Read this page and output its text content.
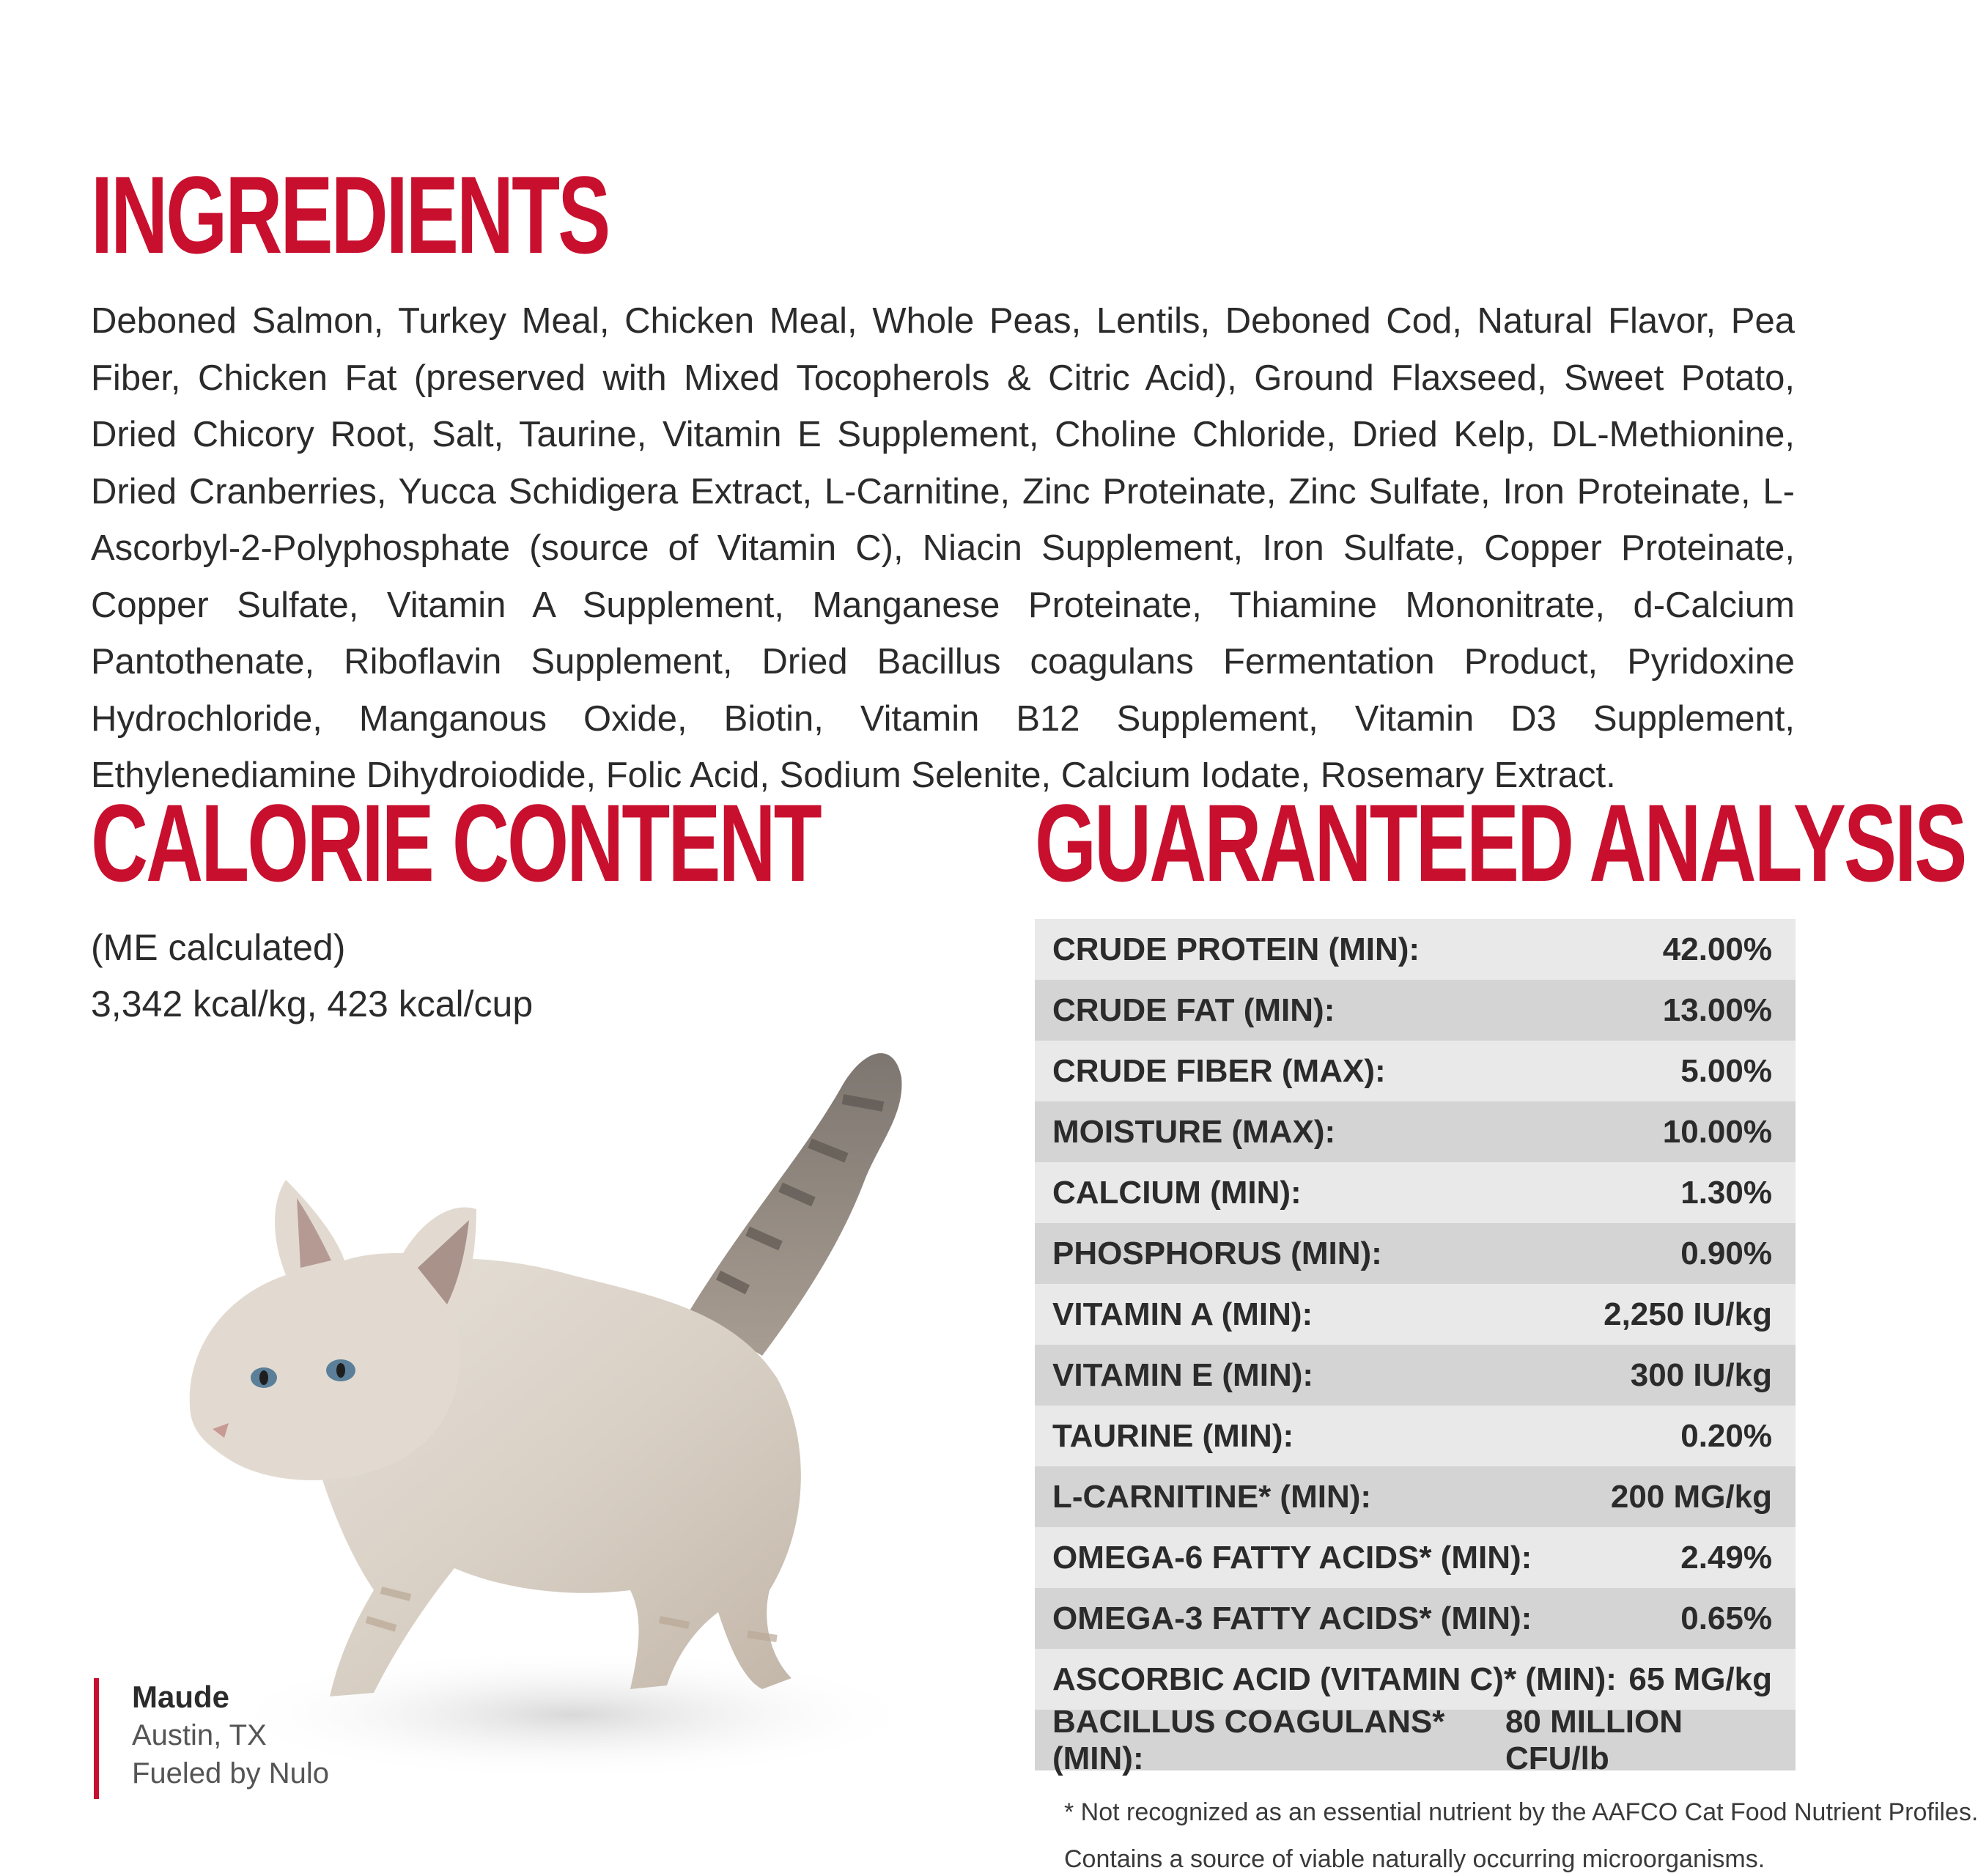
INGREDIENTS

Deboned Salmon, Turkey Meal, Chicken Meal, Whole Peas, Lentils, Deboned Cod, Natural Flavor, Pea Fiber, Chicken Fat (preserved with Mixed Tocopherols & Citric Acid), Ground Flaxseed, Sweet Potato, Dried Chicory Root, Salt, Taurine, Vitamin E Supplement, Choline Chloride, Dried Kelp, DL-Methionine, Dried Cranberries, Yucca Schidigera Extract, L-Carnitine, Zinc Proteinate, Zinc Sulfate, Iron Proteinate, L-Ascorbyl-2-Polyphosphate (source of Vitamin C), Niacin Supplement, Iron Sulfate, Copper Proteinate, Copper Sulfate, Vitamin A Supplement, Manganese Proteinate, Thiamine Mononitrate, d-Calcium Pantothenate, Riboflavin Supplement, Dried Bacillus coagulans Fermentation Product, Pyridoxine Hydrochloride, Manganous Oxide, Biotin, Vitamin B12 Supplement, Vitamin D3 Supplement, Ethylenediamine Dihydroiodide, Folic Acid, Sodium Selenite, Calcium Iodate, Rosemary Extract.

CALORIE CONTENT
(ME calculated)
3,342 kcal/kg, 423 kcal/cup
Maude
Austin, TX
Fueled by Nulo
GUARANTEED ANALYSIS
CRUDE PROTEIN (MIN):	42.00%
CRUDE FAT (MIN):	13.00%
CRUDE FIBER (MAX):	5.00%
MOISTURE (MAX):	10.00%
CALCIUM (MIN):	1.30%
PHOSPHORUS (MIN):	0.90%
VITAMIN A (MIN):	2,250 IU/kg
VITAMIN E (MIN):	300 IU/kg
TAURINE (MIN):	0.20%
L-CARNITINE* (MIN):	200 MG/kg
OMEGA-6 FATTY ACIDS* (MIN):	2.49%
OMEGA-3 FATTY ACIDS* (MIN):	0.65%
ASCORBIC ACID (VITAMIN C)* (MIN): 65 MG/kg
BACILLUS COAGULANS* (MIN):
80 MILLION CFU/lb
* Not recognized as an essential nutrient by the AAFCO Cat Food Nutrient Profiles.
Contains a source of viable naturally occurring microorganisms.
